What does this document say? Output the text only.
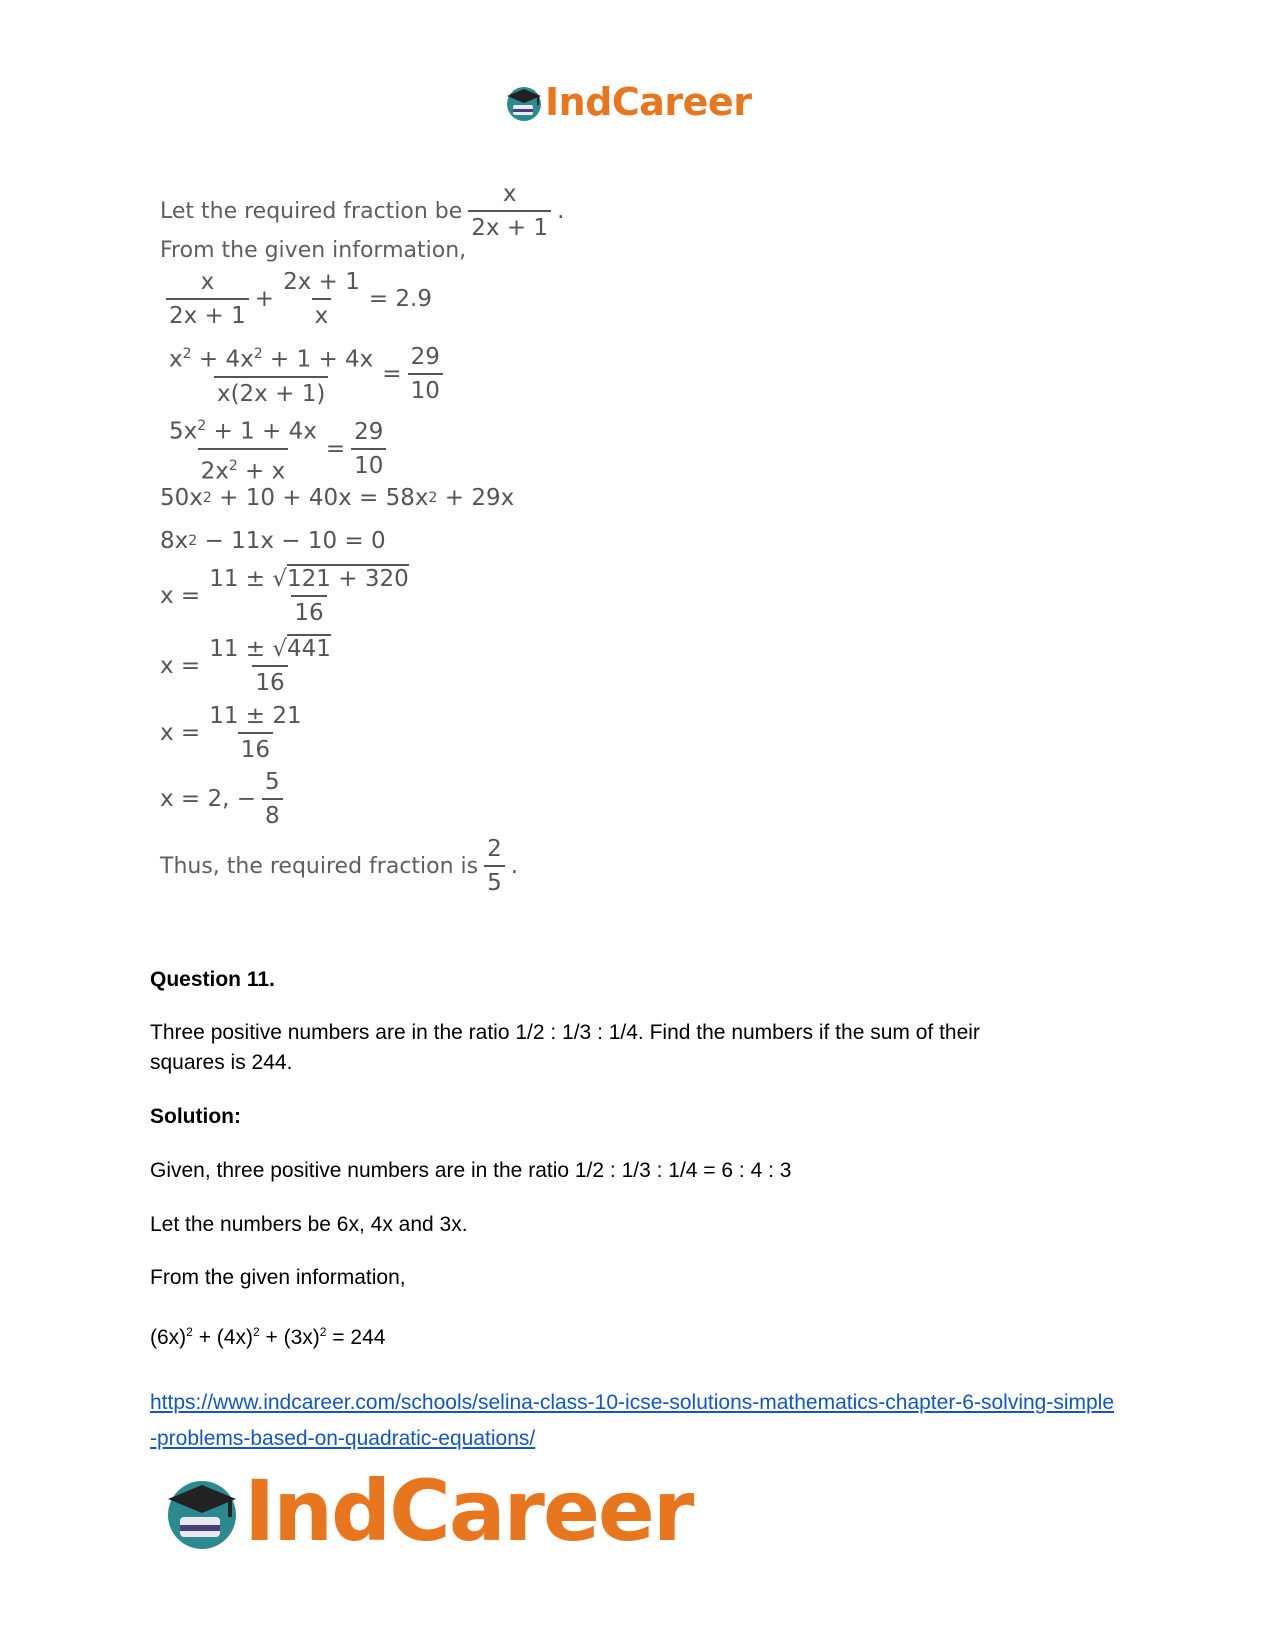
IndCareer
Let the required fraction be $\frac{x}{2x + 1}$ .
From the given information,
$\frac{x}{2x + 1} + \frac{2x + 1}{x} = 2.9$
$\frac{x^2 + 4x^2 + 1 + 4x}{x(2x + 1)} = \frac{29}{10}$
$\frac{5x^2 + 1 + 4x}{2x^2 + x} = \frac{29}{10}$
50x 2 + 10 + 40x = 58x 2 + 29x
8x 2 − 11x − 10 = 0
$x = \frac{11 \pm √121 + 320}{16}$
$x = \frac{11 \pm √441}{16}$
$x = \frac{11 \pm 21}{16}$
x = 2, − $\frac{5}{8}$
Thus, the required fraction is $\frac{2}{5}$ .
Question 11.
Three positive numbers are in the ratio 1/2 : 1/3 : 1/4. Find the numbers if the sum of their squares is 244.
Solution:
Given, three positive numbers are in the ratio 1/2 : 1/3 : 1/4 = 6 : 4 : 3
Let the numbers be 6x, 4x and 3x.
From the given information,
$(6x)^2 + (4x)^2 + (3x)^2 = 244$
https://www.indcareer.com/schools/selina-class-10-icse-solutions-mathematics-chapter-6-solving-simple-problems-based-on-quadratic-equations/
IndCareer
